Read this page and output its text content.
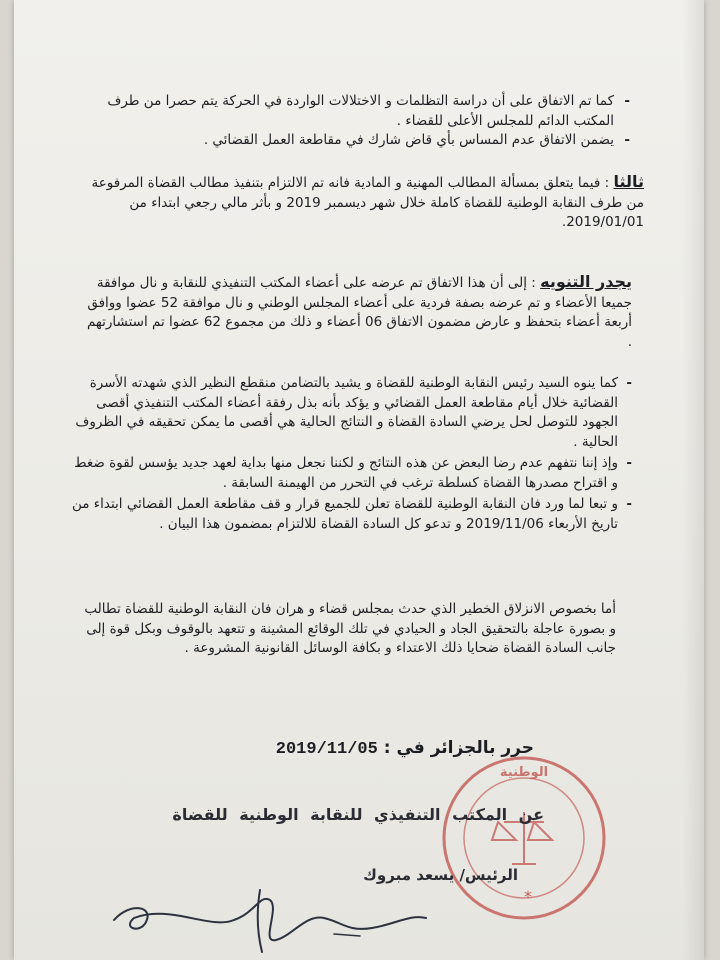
- كما تم الاتفاق على أن دراسة التظلمات و الاختلالات الواردة في الحركة يتم حصرا من طرف المكتب الدائم للمجلس الأعلى للقضاء .
- يضمن الاتفاق عدم المساس بأي قاض شارك في مقاطعة العمل القضائي .
ثالثا : فيما يتعلق بمسألة المطالب المهنية و المادية فانه تم الالتزام بتنفيذ مطالب القضاة المرفوعة من طرف النقابة الوطنية للقضاة كاملة خلال شهر ديسمبر 2019 و بأثر مالي رجعي ابتداء من 2019/01/01.
يجدر التنويه : إلى أن هذا الاتفاق تم عرضه على أعضاء المكتب التنفيذي للنقابة و نال موافقة جميعا الأعضاء و تم عرضه بصفة فردية على أعضاء المجلس الوطني و نال موافقة 52 عضوا ووافق أربعة أعضاء بتحفظ و عارض مضمون الاتفاق 06 أعضاء و ذلك من مجموع 62 عضوا تم استشارتهم .
- كما ينوه السيد رئيس النقابة الوطنية للقضاة و يشيد بالتضامن منقطع النظير الذي شهدته الأسرة القضائية خلال أيام مقاطعة العمل القضائي و يؤكد بأنه بذل رفقة أعضاء المكتب التنفيذي أقصى الجهود للتوصل لحل يرضي السادة القضاة و النتائج الحالية هي أقصى ما يمكن تحقيقه في الظروف الحالية .
- وإذ إننا نتفهم عدم رضا البعض عن هذه النتائج و لكننا نجعل منها بداية لعهد جديد يؤسس لقوة ضغط و اقتراح مصدرها القضاة كسلطة ترغب في التحرر من الهيمنة السابقة .
- و تبعا لما ورد فان النقابة الوطنية للقضاة تعلن للجميع قرار و قف مقاطعة العمل القضائي ابتداء من تاريخ الأربعاء 2019/11/06 و تدعو كل السادة القضاة للالتزام بمضمون هذا البيان .
أما بخصوص الانزلاق الخطير الذي حدث بمجلس قضاء و هران فان النقابة الوطنية للقضاة تطالب و بصورة عاجلة بالتحقيق الجاد و الحيادي في تلك الوقائع المشينة و تتعهد بالوقوف وبكل قوة إلى جانب السادة القضاة ضحايا ذلك الاعتداء و بكافة الوسائل القانونية المشروعة .
حرر بالجزائر في : 2019/11/05
الوطنية
*
عن المكتب التنفيذي للنقابة الوطنية للقضاة
الرئيس/ يسعد مبروك
